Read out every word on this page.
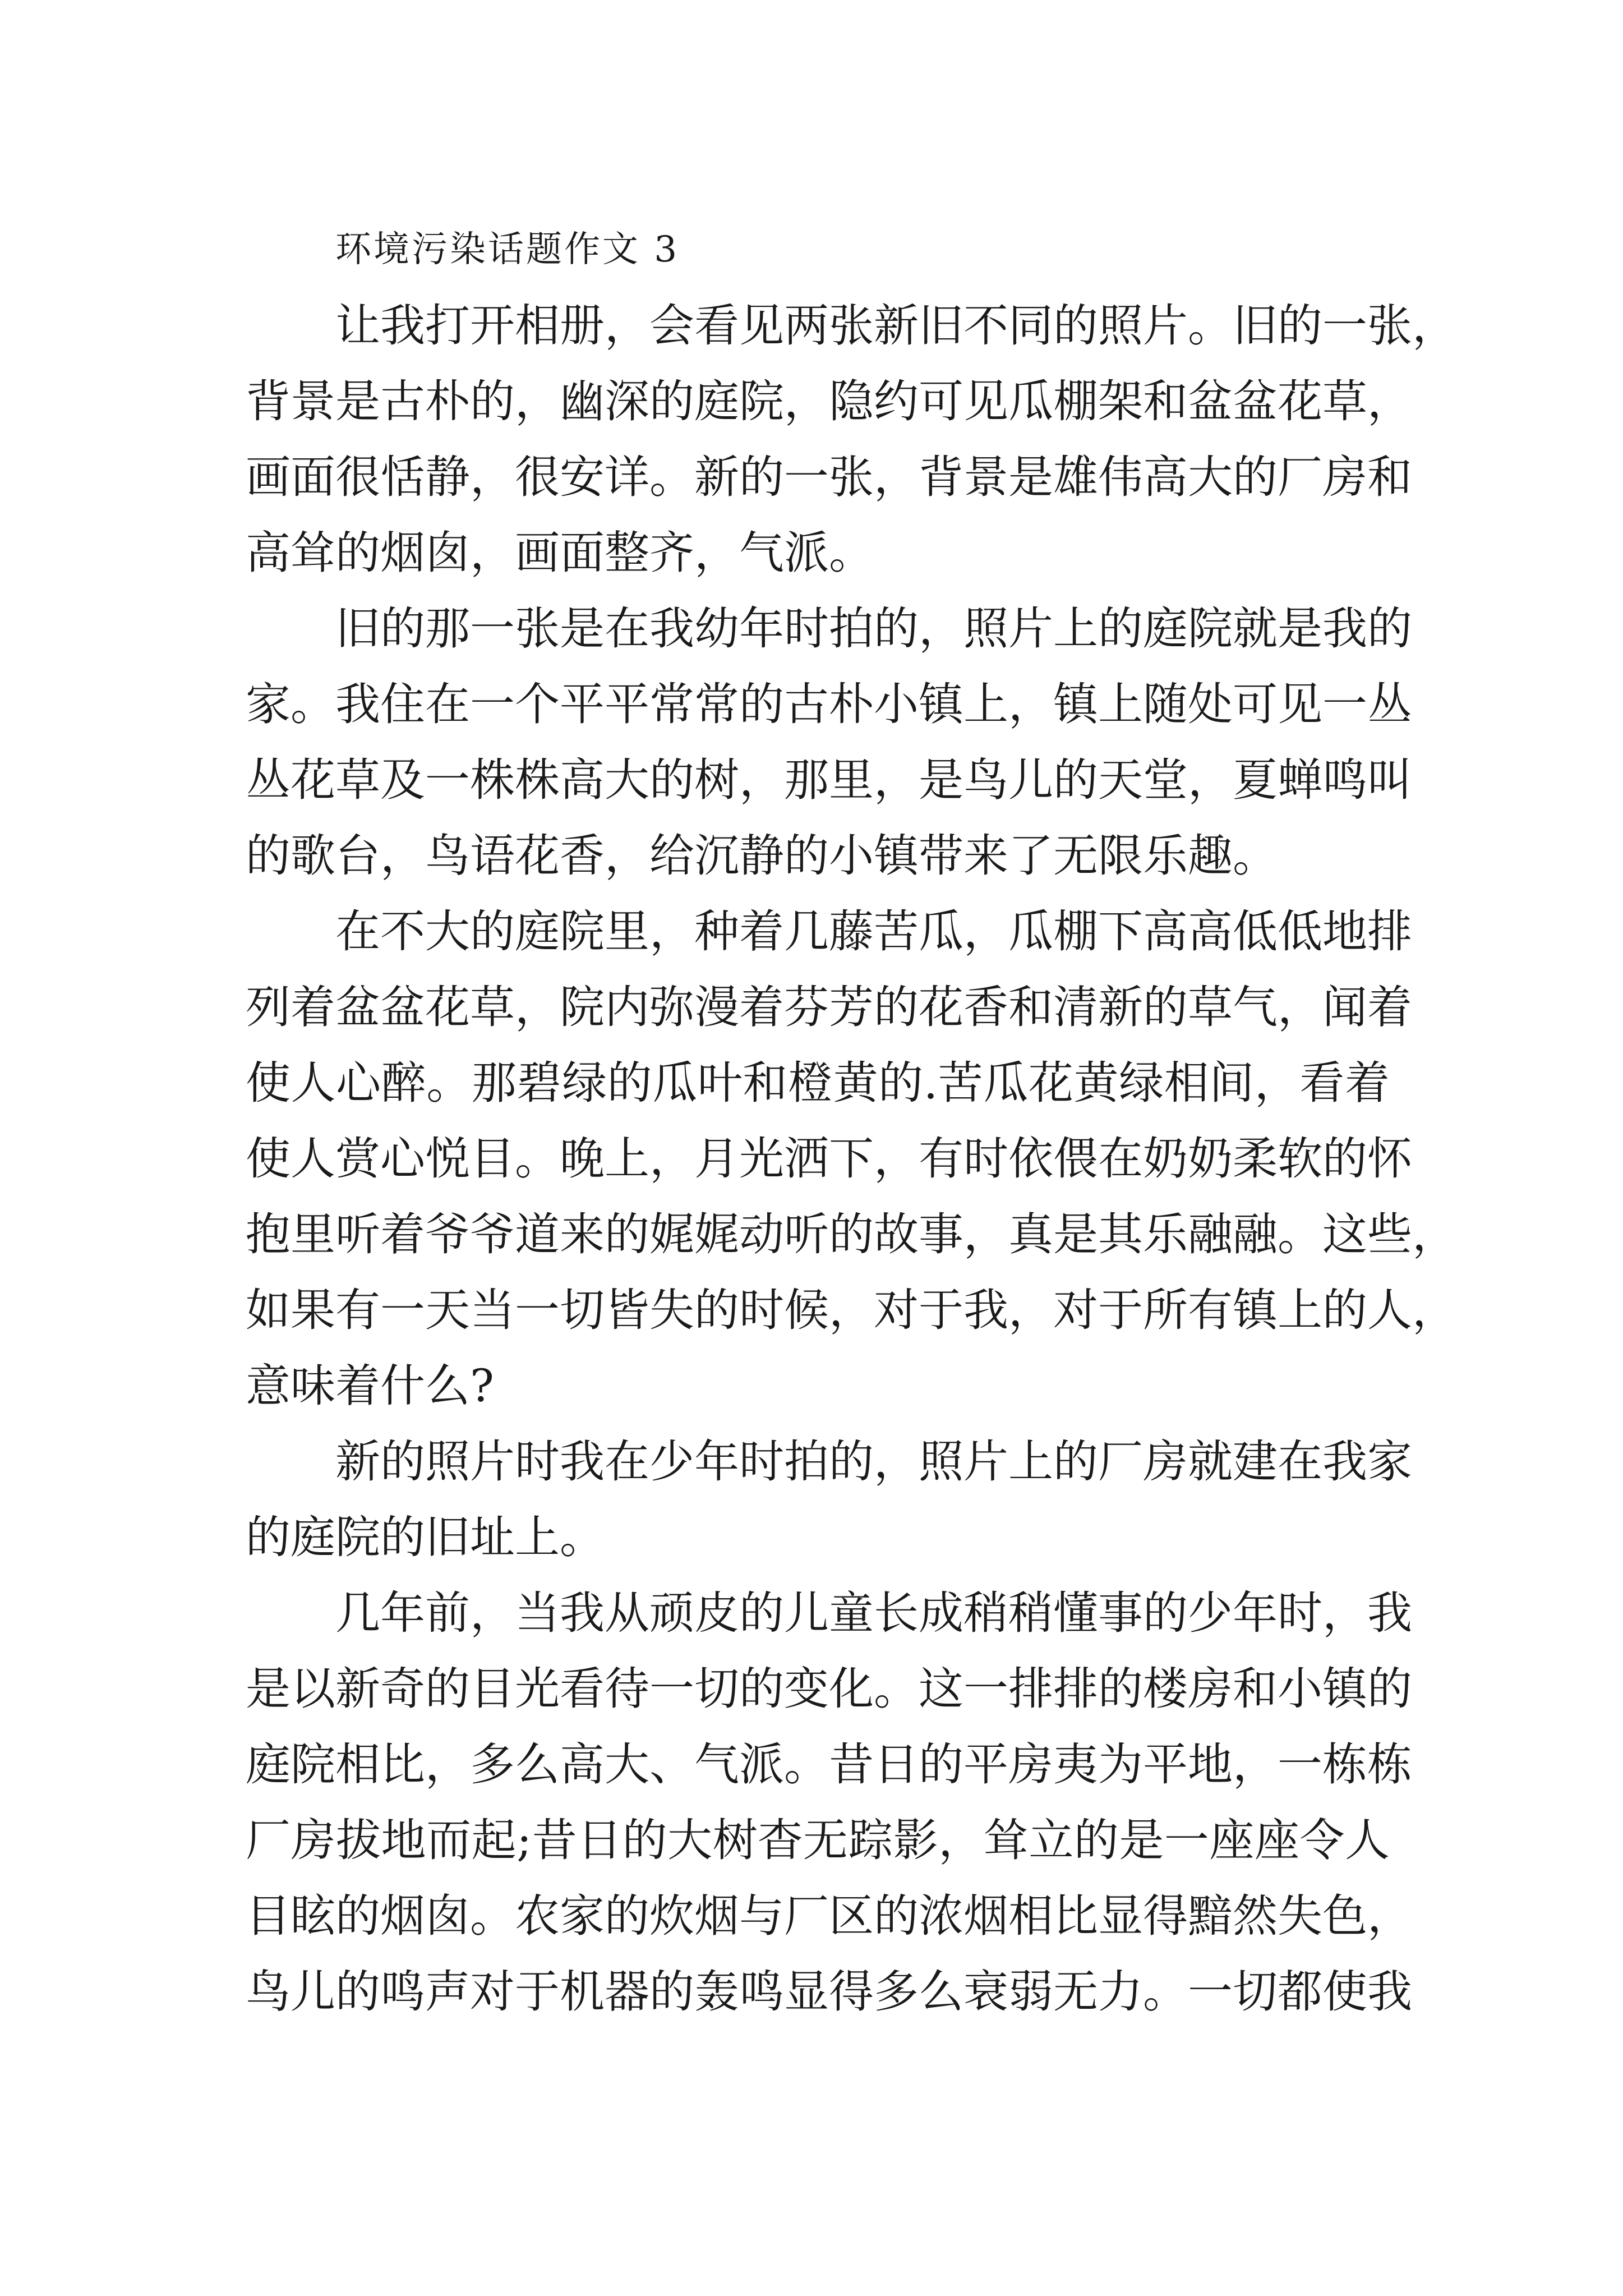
环境污染话题作文 3
让我打开相册，会看见两张新旧不同的照片。旧的一张，
背景是古朴的，幽深的庭院，隐约可见瓜棚架和盆盆花草，
画面很恬静，很安详。新的一张，背景是雄伟高大的厂房和
高耸的烟囱，画面整齐，气派。
旧的那一张是在我幼年时拍的，照片上的庭院就是我的
家。我住在一个平平常常的古朴小镇上，镇上随处可见一丛
丛花草及一株株高大的树，那里，是鸟儿的天堂，夏蝉鸣叫
的歌台，鸟语花香，给沉静的小镇带来了无限乐趣。
在不大的庭院里，种着几藤苦瓜，瓜棚下高高低低地排
列着盆盆花草，院内弥漫着芬芳的花香和清新的草气，闻着
使人心醉。那碧绿的瓜叶和橙黄的.苦瓜花黄绿相间，看着
使人赏心悦目。晚上，月光洒下，有时依偎在奶奶柔软的怀
抱里听着爷爷道来的娓娓动听的故事，真是其乐融融。这些，
如果有一天当一切皆失的时候，对于我，对于所有镇上的人，
意味着什么?
新的照片时我在少年时拍的，照片上的厂房就建在我家
的庭院的旧址上。
几年前，当我从顽皮的儿童长成稍稍懂事的少年时，我
是以新奇的目光看待一切的变化。这一排排的楼房和小镇的
庭院相比，多么高大、气派。昔日的平房夷为平地，一栋栋
厂房拔地而起;昔日的大树杳无踪影，耸立的是一座座令人
目眩的烟囱。农家的炊烟与厂区的浓烟相比显得黯然失色，
鸟儿的鸣声对于机器的轰鸣显得多么衰弱无力。一切都使我
